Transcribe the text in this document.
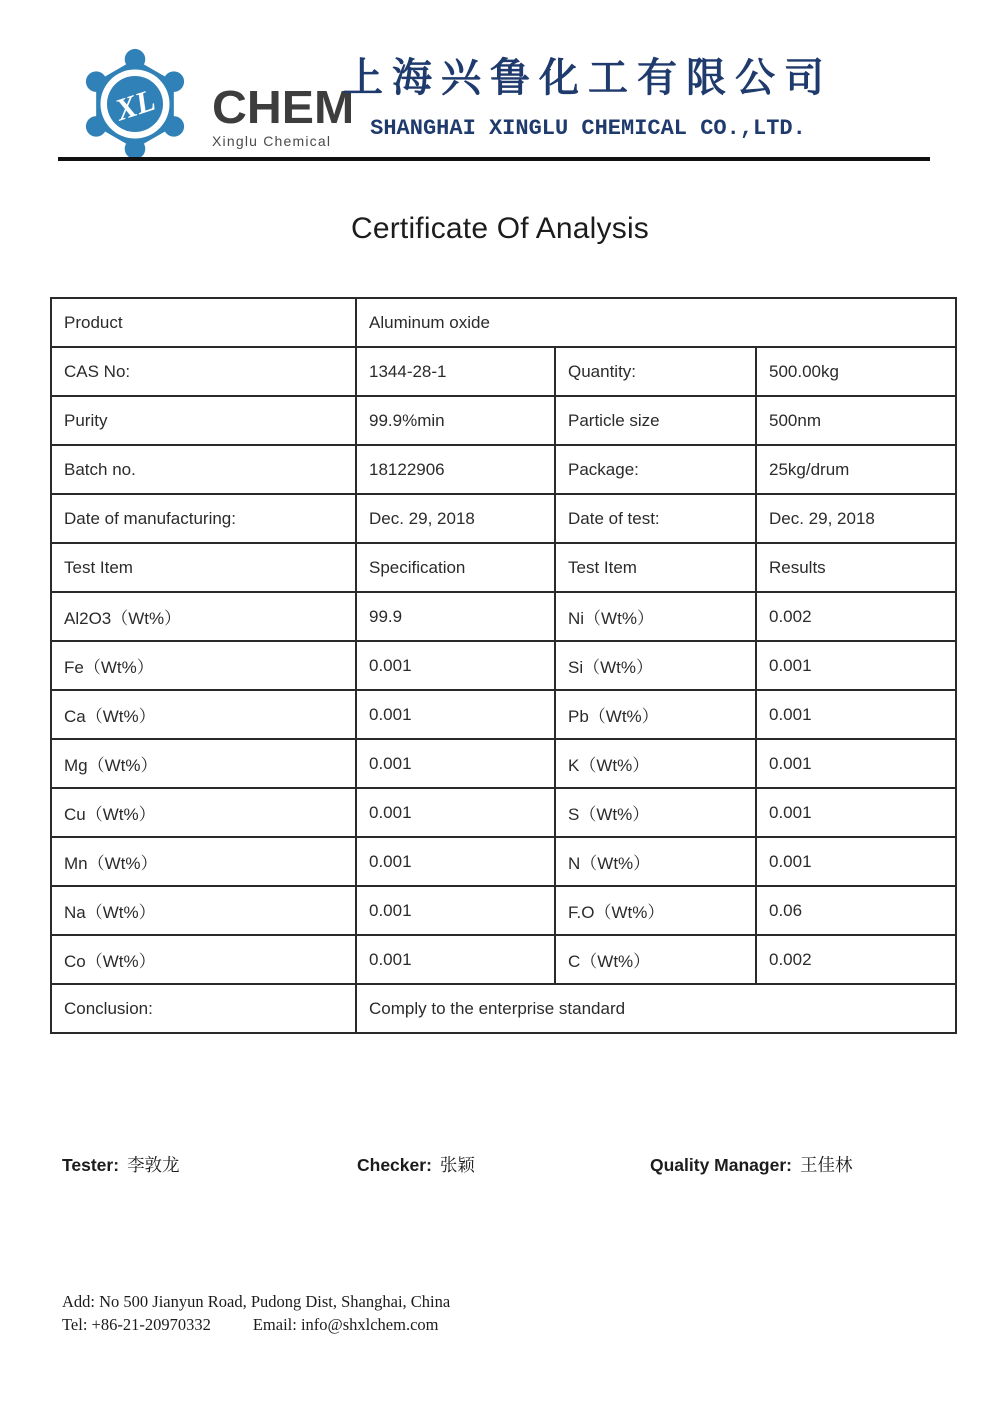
XL CHEM
Xinglu Chemical
上海兴鲁化工有限公司
SHANGHAI XINGLU CHEMICAL CO.,LTD.
Certificate Of Analysis
Product	Aluminum oxide		
CAS No:	1344-28-1	Quantity:	500.00kg
Purity	99.9%min	Particle size	500nm
Batch no.	18122906	Package:	25kg/drum
Date of manufacturing:	Dec. 29, 2018	Date of test:	Dec. 29, 2018
Test Item	Specification	Test Item	Results
Al2O3（Wt%）	99.9	Ni（Wt%）	0.002
Fe（Wt%）	0.001	Si（Wt%）	0.001
Ca（Wt%）	0.001	Pb（Wt%）	0.001
Mg（Wt%）	0.001	K（Wt%）	0.001
Cu（Wt%）	0.001	S（Wt%）	0.001
Mn（Wt%）	0.001	N（Wt%）	0.001
Na（Wt%）	0.001	F.O（Wt%）	0.06
Co（Wt%）	0.001	C（Wt%）	0.002
Conclusion:	Comply to the enterprise standard		
Tester: 李敦龙	Checker: 张颖	Quality Manager: 王佳林
Add: No 500 Jianyun Road, Pudong Dist, Shanghai, China
Tel: +86-21-20970332	Email: info@shxlchem.com
